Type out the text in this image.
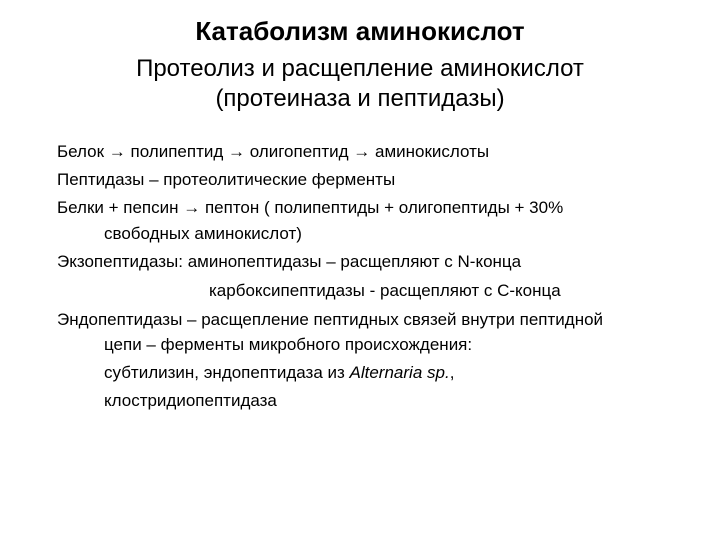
Катаболизм аминокислот
Протеолиз и расщепление аминокислот
(протеиназа и пептидазы)
Белок → полипептид → олигопептид → аминокислоты
Пептидазы – протеолитические ферменты
Белки + пепсин → пептон ( полипептиды + олигопептиды + 30%
свободных аминокислот)
Экзопептидазы: аминопептидазы – расщепляют с N-конца
карбоксипептидазы - расщепляют с С-конца
Эндопептидазы – расщепление пептидных связей внутри пептидной
цепи – ферменты микробного происхождения:
субтилизин, эндопептидаза из Alternaria sp.,
клостридиопептидаза
